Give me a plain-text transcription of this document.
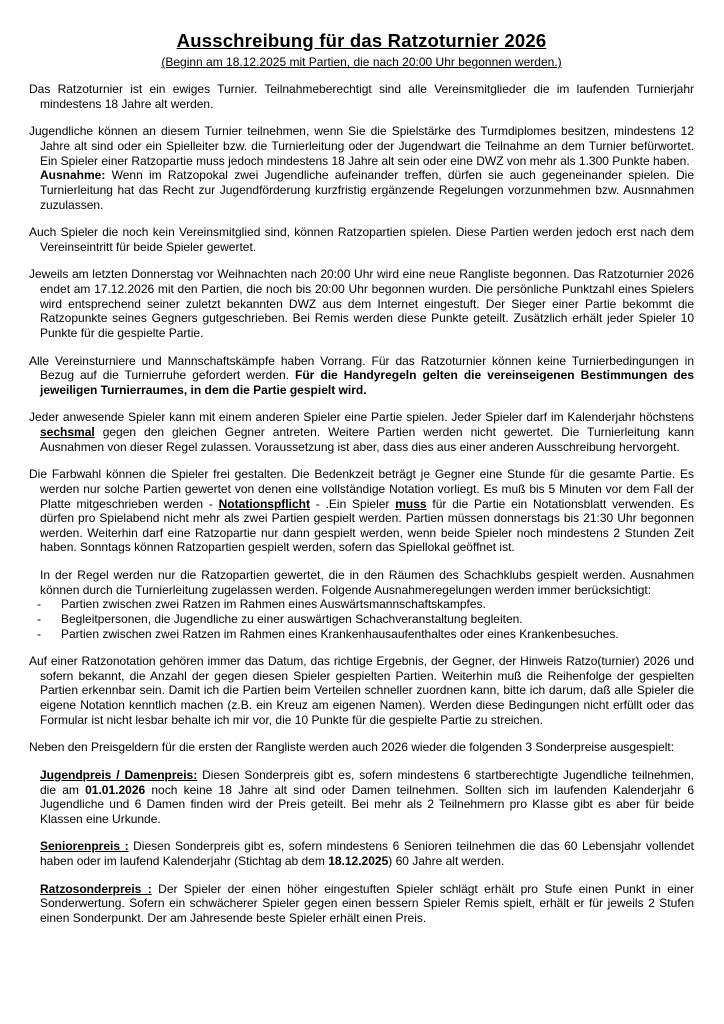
Ausschreibung für das Ratzoturnier 2026
(Beginn am 18.12.2025 mit Partien, die nach 20:00 Uhr begonnen werden.)
Das Ratzoturnier ist ein ewiges Turnier. Teilnahmeberechtigt sind alle Vereinsmitglieder die im laufenden Turnierjahr mindestens 18 Jahre alt werden.
Jugendliche können an diesem Turnier teilnehmen, wenn Sie die Spielstärke des Turmdiplomes besitzen, mindestens 12 Jahre alt sind oder ein Spielleiter bzw. die Turnierleitung oder der Jugendwart die Teilnahme an dem Turnier befürwortet. Ein Spieler einer Ratzopartie muss jedoch mindestens 18 Jahre alt sein oder eine DWZ von mehr als 1.300 Punkte haben.
Ausnahme: Wenn im Ratzopokal zwei Jugendliche aufeinander treffen, dürfen sie auch gegeneinander spielen. Die Turnierleitung hat das Recht zur Jugendförderung kurzfristig ergänzende Regelungen vorzunmehmen bzw. Ausnnahmen zuzulassen.
Auch Spieler die noch kein Vereinsmitglied sind, können Ratzopartien spielen. Diese Partien werden jedoch erst nach dem Vereinseintritt für beide Spieler gewertet.
Jeweils am letzten Donnerstag vor Weihnachten nach 20:00 Uhr wird eine neue Rangliste begonnen. Das Ratzoturnier 2026 endet am 17.12.2026 mit den Partien, die noch bis 20:00 Uhr begonnen wurden. Die persönliche Punktzahl eines Spielers wird entsprechend seiner zuletzt bekannten DWZ aus dem Internet eingestuft. Der Sieger einer Partie bekommt die Ratzopunkte seines Gegners gutgeschrieben. Bei Remis werden diese Punkte geteilt. Zusätzlich erhält jeder Spieler 10 Punkte für die gespielte Partie.
Alle Vereinsturniere und Mannschaftskämpfe haben Vorrang. Für das Ratzoturnier können keine Turnierbedingungen in Bezug auf die Turnierruhe gefordert werden. Für die Handyregeln gelten die vereinseigenen Bestimmungen des jeweiligen Turnierraumes, in dem die Partie gespielt wird.
Jeder anwesende Spieler kann mit einem anderen Spieler eine Partie spielen. Jeder Spieler darf im Kalenderjahr höchstens sechsmal gegen den gleichen Gegner antreten. Weitere Partien werden nicht gewertet. Die Turnierleitung kann Ausnahmen von dieser Regel zulassen. Voraussetzung ist aber, dass dies aus einer anderen Ausschreibung hervorgeht.
Die Farbwahl können die Spieler frei gestalten. Die Bedenkzeit beträgt je Gegner eine Stunde für die gesamte Partie. Es werden nur solche Partien gewertet von denen eine vollständige Notation vorliegt. Es muß bis 5 Minuten vor dem Fall der Platte mitgeschrieben werden - Notationspflicht - .Ein Spieler muss für die Partie ein Notationsblatt verwenden. Es dürfen pro Spielabend nicht mehr als zwei Partien gespielt werden. Partien müssen donnerstags bis 21:30 Uhr begonnen werden. Weiterhin darf eine Ratzopartie nur dann gespielt werden, wenn beide Spieler noch mindestens 2 Stunden Zeit haben. Sonntags können Ratzopartien gespielt werden, sofern das Spiellokal geöffnet ist.
In der Regel werden nur die Ratzopartien gewertet, die in den Räumen des Schachklubs gespielt werden. Ausnahmen können durch die Turnierleitung zugelassen werden. Folgende Ausnahmeregelungen werden immer berücksichtigt:
-	Partien zwischen zwei Ratzen im Rahmen eines Auswärtsmannschaftskampfes.
-	Begleitpersonen, die Jugendliche zu einer auswärtigen Schachveranstaltung begleiten.
-	Partien zwischen zwei Ratzen im Rahmen eines Krankenhausaufenthaltes oder eines Krankenbesuches.
Auf einer Ratzonotation gehören immer das Datum, das richtige Ergebnis, der Gegner, der Hinweis Ratzo(turnier) 2026 und sofern bekannt, die Anzahl der gegen diesen Spieler gespielten Partien. Weiterhin muß die Reihenfolge der gespielten Partien erkennbar sein. Damit ich die Partien beim Verteilen schneller zuordnen kann, bitte ich darum, daß alle Spieler die eigene Notation kenntlich machen (z.B. ein Kreuz am eigenen Namen). Werden diese Bedingungen nicht erfüllt oder das Formular ist nicht lesbar behalte ich mir vor, die 10 Punkte für die gespielte Partie zu streichen.
Neben den Preisgeldern für die ersten der Rangliste werden auch 2026 wieder die folgenden 3 Sonderpreise ausgespielt:
Jugendpreis / Damenpreis: Diesen Sonderpreis gibt es, sofern mindestens 6 startberechtigte Jugendliche teilnehmen, die am 01.01.2026 noch keine 18 Jahre alt sind oder Damen teilnehmen. Sollten sich im laufenden Kalenderjahr 6 Jugendliche und 6 Damen finden wird der Preis geteilt. Bei mehr als 2 Teilnehmern pro Klasse gibt es aber für beide Klassen eine Urkunde.
Seniorenpreis : Diesen Sonderpreis gibt es, sofern mindestens 6 Senioren teilnehmen die das 60 Lebensjahr vollendet haben oder im laufend Kalenderjahr (Stichtag ab dem 18.12.2025) 60 Jahre alt werden.
Ratzosonderpreis : Der Spieler der einen höher eingestuften Spieler schlägt erhält pro Stufe einen Punkt in einer Sonderwertung. Sofern ein schwächerer Spieler gegen einen bessern Spieler Remis spielt, erhält er für jeweils 2 Stufen einen Sonderpunkt. Der am Jahresende beste Spieler erhält einen Preis.
